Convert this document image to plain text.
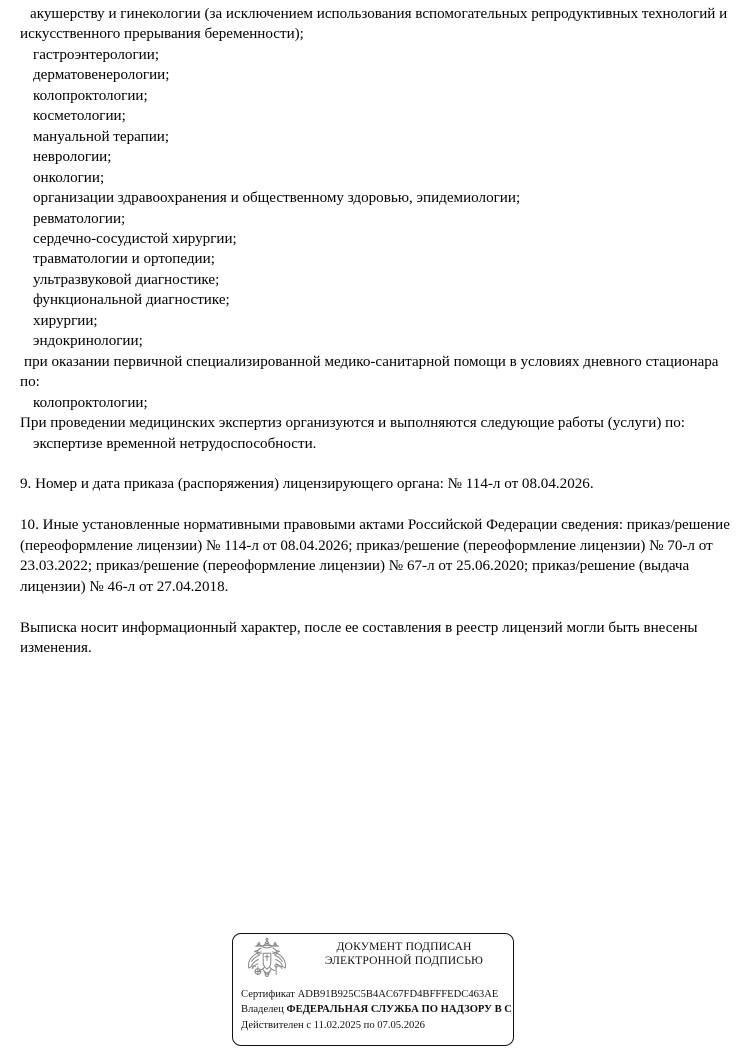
акушерству и гинекологии (за исключением использования вспомогательных репродуктивных технологий и искусственного прерывания беременности);

гастроэнтерологии;

дерматовенерологии;

колопроктологии;

косметологии;

мануальной терапии;

неврологии;

онкологии;

организации здравоохранения и общественному здоровью, эпидемиологии;

ревматологии;

сердечно-сосудистой хирургии;

травматологии и ортопедии;

ультразвуковой диагностике;

функциональной диагностике;

хирургии;

эндокринологии;

при оказании первичной специализированной медико-санитарной помощи в условиях дневного стационара по:

колопроктологии;

При проведении медицинских экспертиз организуются и выполняются следующие работы (услуги) по:

экспертизе временной нетрудоспособности.

9. Номер и дата приказа (распоряжения) лицензирующего органа: № 114-л от 08.04.2026.

10. Иные установленные нормативными правовыми актами Российской Федерации сведения: приказ/решение (переоформление лицензии) № 114-л от 08.04.2026; приказ/решение (переоформление лицензии) № 70-л от 23.03.2022; приказ/решение (переоформление лицензии) № 67-л от 25.06.2020; приказ/решение (выдача лицензии) № 46-л от 27.04.2018.

Выписка носит информационный характер, после ее составления в реестр лицензий могли быть внесены изменения.

ДОКУМЕНТ ПОДПИСАН
ЭЛЕКТРОННОЙ ПОДПИСЬЮ
Сертификат ADB91B925C5B4AC67FD4BFFFEDC463AE
Владелец ФЕДЕРАЛЬНАЯ СЛУЖБА ПО НАДЗОРУ В С
Действителен с 11.02.2025 по 07.05.2026
